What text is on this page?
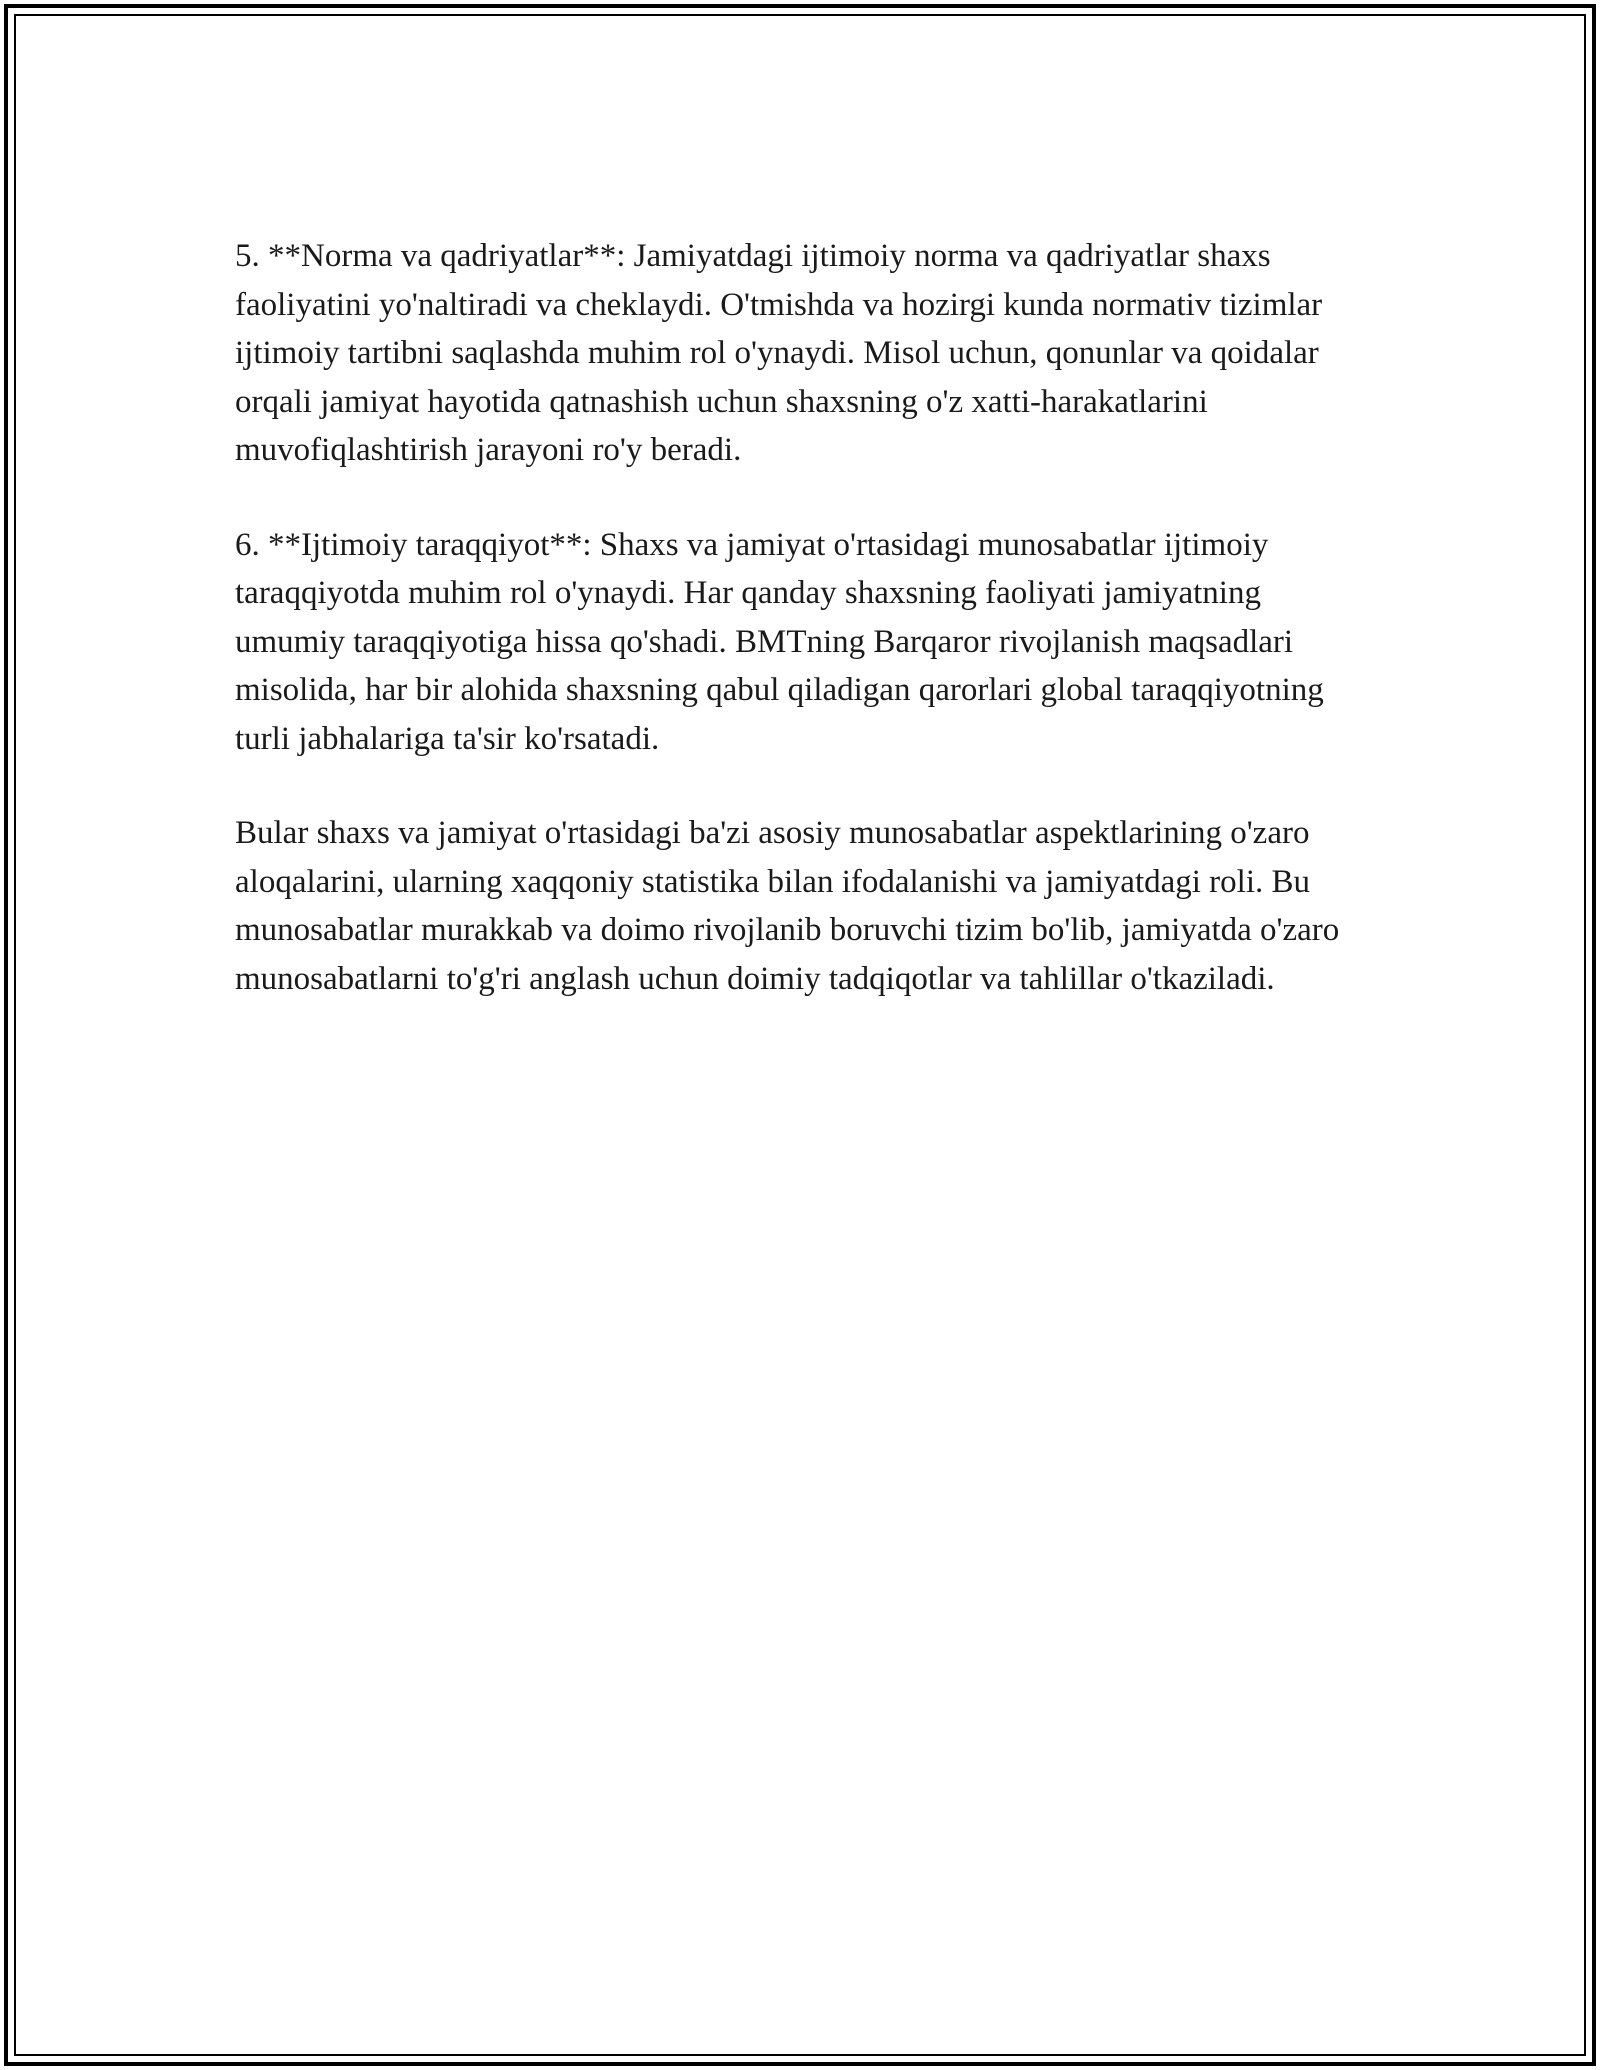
5. **Norma va qadriyatlar**: Jamiyatdagi ijtimoiy norma va qadriyatlar shaxs faoliyatini yo'naltiradi va cheklaydi. O'tmishda va hozirgi kunda normativ tizimlar ijtimoiy tartibni saqlashda muhim rol o'ynaydi. Misol uchun, qonunlar va qoidalar orqali jamiyat hayotida qatnashish uchun shaxsning o'z xatti-harakatlarini muvofiqlashtirish jarayoni ro'y beradi.

6. **Ijtimoiy taraqqiyot**: Shaxs va jamiyat o'rtasidagi munosabatlar ijtimoiy taraqqiyotda muhim rol o'ynaydi. Har qanday shaxsning faoliyati jamiyatning umumiy taraqqiyotiga hissa qo'shadi. BMTning Barqaror rivojlanish maqsadlari misolida, har bir alohida shaxsning qabul qiladigan qarorlari global taraqqiyotning turli jabhalariga ta'sir ko'rsatadi.

Bular shaxs va jamiyat o'rtasidagi ba'zi asosiy munosabatlar aspektlarining o'zaro aloqalarini, ularning xaqqoniy statistika bilan ifodalanishi va jamiyatdagi roli. Bu munosabatlar murakkab va doimo rivojlanib boruvchi tizim bo'lib, jamiyatda o'zaro munosabatlarni to'g'ri anglash uchun doimiy tadqiqotlar va tahlillar o'tkaziladi.
